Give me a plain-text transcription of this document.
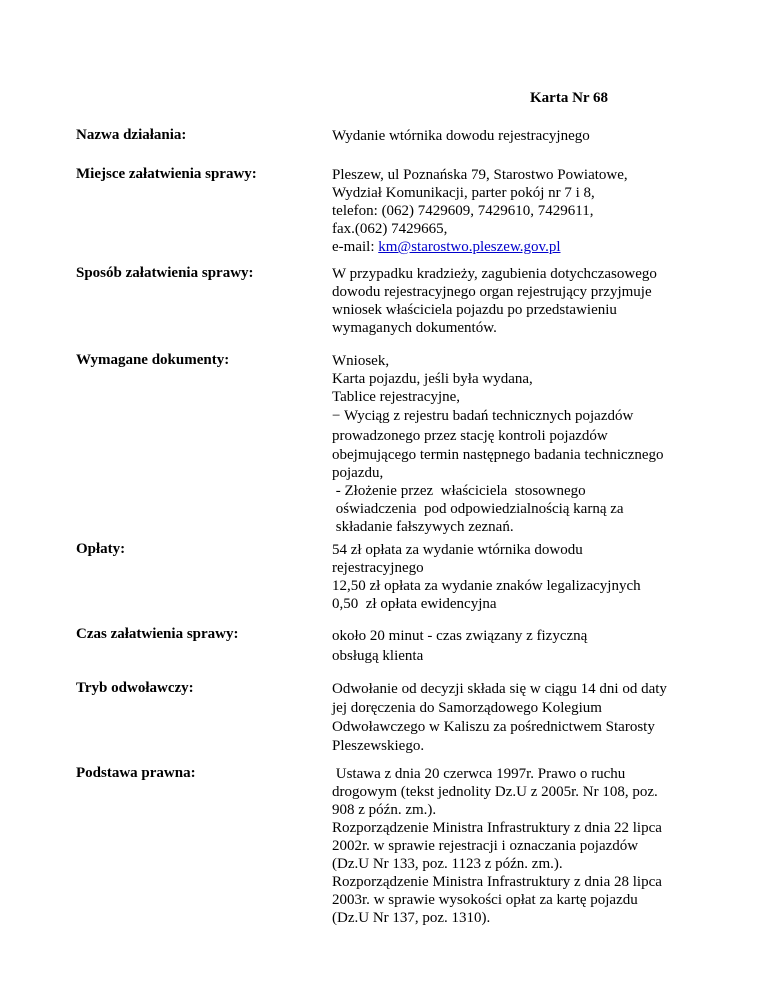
Karta Nr 68
Nazwa działania:	Wydanie wtórnika dowodu rejestracyjnego
Miejsce załatwienia sprawy:	Pleszew, ul Poznańska 79, Starostwo Powiatowe,
Wydział Komunikacji, parter pokój nr 7 i 8,
telefon: (062) 7429609, 7429610, 7429611,
fax.(062) 7429665,
e-mail: km@starostwo.pleszew.gov.pl
Sposób załatwienia sprawy:	W przypadku kradzieży, zagubienia dotychczasowego
dowodu rejestracyjnego organ rejestrujący przyjmuje
wniosek właściciela pojazdu po przedstawieniu
wymaganych dokumentów.
Wymagane dokumenty:	Wniosek,
Karta pojazdu, jeśli była wydana,
Tablice rejestracyjne,
− Wyciąg z rejestru badań technicznych pojazdów
prowadzonego przez stację kontroli pojazdów
obejmującego termin następnego badania technicznego
pojazdu,
- Złożenie przez  właściciela  stosownego
oświadczenia  pod odpowiedzialnością karną za
składanie fałszywych zeznań.
Opłaty:	54 zł opłata za wydanie wtórnika dowodu
rejestracyjnego
12,50 zł opłata za wydanie znaków legalizacyjnych
0,50  zł opłata ewidencyjna
Czas załatwienia sprawy:	około 20 minut - czas związany z fizyczną
obsługą klienta
Tryb odwoławczy:	Odwołanie od decyzji składa się w ciągu 14 dni od daty
jej doręczenia do Samorządowego Kolegium
Odwoławczego w Kaliszu za pośrednictwem Starosty
Pleszewskiego.
Podstawa prawna:	Ustawa z dnia 20 czerwca 1997r. Prawo o ruchu
drogowym (tekst jednolity Dz.U z 2005r. Nr 108, poz.
908 z późn. zm.).
Rozporządzenie Ministra Infrastruktury z dnia 22 lipca
2002r. w sprawie rejestracji i oznaczania pojazdów
(Dz.U Nr 133, poz. 1123 z późn. zm.).
Rozporządzenie Ministra Infrastruktury z dnia 28 lipca
2003r. w sprawie wysokości opłat za kartę pojazdu
(Dz.U Nr 137, poz. 1310).
